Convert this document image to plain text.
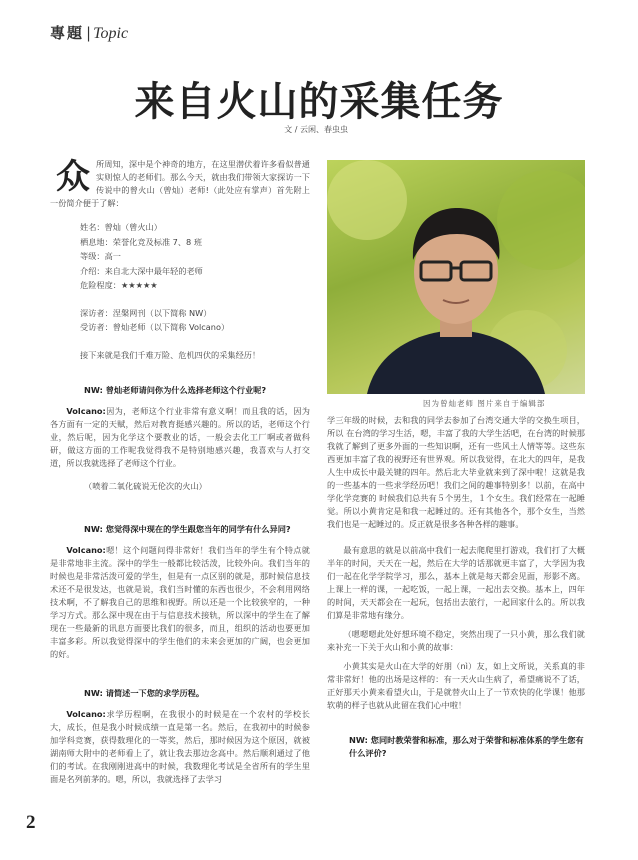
專題 | Topic
来自火山的采集任务
文 / 云闲、春虫虫

众 所周知，深中是个神奇的地方，在这里潜伏着许多看似普通实则惊人的老师们。那么今天，就由我们带领大家探访一下传说中的曾火山（曾灿）老师!（此处应有掌声）首先附上一份简介便于了解：

姓名：曾灿（曾火山）
栖息地：荣誉化竞及标准 7、8 班
等级：高一
介绍：来自北大深中最年轻的老师
危险程度：★★★★★
深访者：涅槃网刊（以下简称 NW）
受访者：曾灿老师（以下简称 Volcano）
接下来就是我们千难万险、危机四伏的采集经历！
NW: 曾灿老师请问你为什么选择老师这个行业呢?

Volcano:因为，老师这个行业非常有意义啊！而且我的话，因为各方面有一定的天赋，然后对教育挺感兴趣的。所以的话，老师这个行业，然后呢，因为化学这个要教业的话，一般会去化工厂啊或者做科研，做这方面的工作呢我觉得我不是特别地感兴趣，我喜欢与人打交道，所以我就选择了老师这个行业。

（喷着二氧化硫说无伦次的火山）
NW: 您觉得深中现在的学生跟您当年的同学有什么异同?

Volcano:嗯！这个问题问得非常好！我们当年的学生有个特点就是非常地非主流。深中的学生一般都比较活泼，比较外向。我们当年的时候也是非常活泼可爱的学生，但是有一点区别的就是，那时候信息技术还不是很发达，也就是说，我们当时懂的东西也很少，不会利用网络技术啊，不了解我自己的思维和视野。所以还是一个比较狭窄的，一种学习方式。那么深中现在由于与信息技术接轨，所以深中的学生在了解现在一些最新的讯息方面要比我们的很多，而且，组织的活动也要更加丰富多彩。所以我觉得深中的学生他们的未来会更加的广阔，也会更加的好。

NW: 请简述一下您的求学历程。

Volcano:求学历程啊，在我很小的时候是在一个农村的学校长大，成长，但是我小时候成绩一直是第一名。然后，在我初中的时候参加学科竞赛，获得数理化的一等奖，然后，那时候因为这个原因，就被湖南师大附中的老师看上了，就让我去那边念高中。然后顺利通过了他们的考试。在我刚刚进高中的时候，我数理化考试是全省所有的学生里面是名列前茅的。嗯，所以，我就选择了去学习

因为曾灿老师 图片来自于编辑部

学三年级的时候，去和我的同学去参加了台湾交通大学的交换生项目，所以 在台湾的学习生活，嗯，丰富了我的大学生活吧，在台湾的时候那我就了解到了更多外面的一些知识啊，还有一些风土人情等等。这些东西更加丰富了我的视野还有世界观。所以我觉得，在北大的四年，是我人生中成长中最关键的四年。然后北大毕业就来到了深中啦！这就是我的一些基本的一些求学经历吧！我们之间的趣事特别多！以前，在高中学化学竞赛的 时候我们总共有５个男生，１个女生。我们经常在一起睡觉。所以小黄肯定是和我一起睡过的。还有其他各个，那个女生，当然我们也是一起睡过的。反正就是很多各种各样的趣事。

最有意思的就是以前高中我们一起去爬爬里打游戏，我们打了大概半年的时间，天天在一起，然后在大学的话那就更丰富了，大学因为我们一起在化学学院学习，那么，基本上就是每天都会见面，形影不离。上课上一样的课，一起吃饭，一起上课，一起出去交换。基本上，四年的时间，天天都会在一起玩，包括出去旅行，一起回家什么的。所以我们算是非常地有缘分。

（嗯嗯嗯此处好想环境不稳定，突然出现了一只小黄，那么我们就来补充一下关于火山和小黄的故事：

小黄其实是火山在大学的好朋（nì）友，如上文所说，关系真的非常非常好！他的出场是这样的：有一天火山生病了，希望痛说不了话，正好那天小黄来看望火山，于是就替火山上了一节欢快的化学课！他那软萌的样子也就从此留在我们心中啦！

NW: 您同时教荣誉和标准，那么对于荣誉和标准体系的学生您有什么评价?
2
